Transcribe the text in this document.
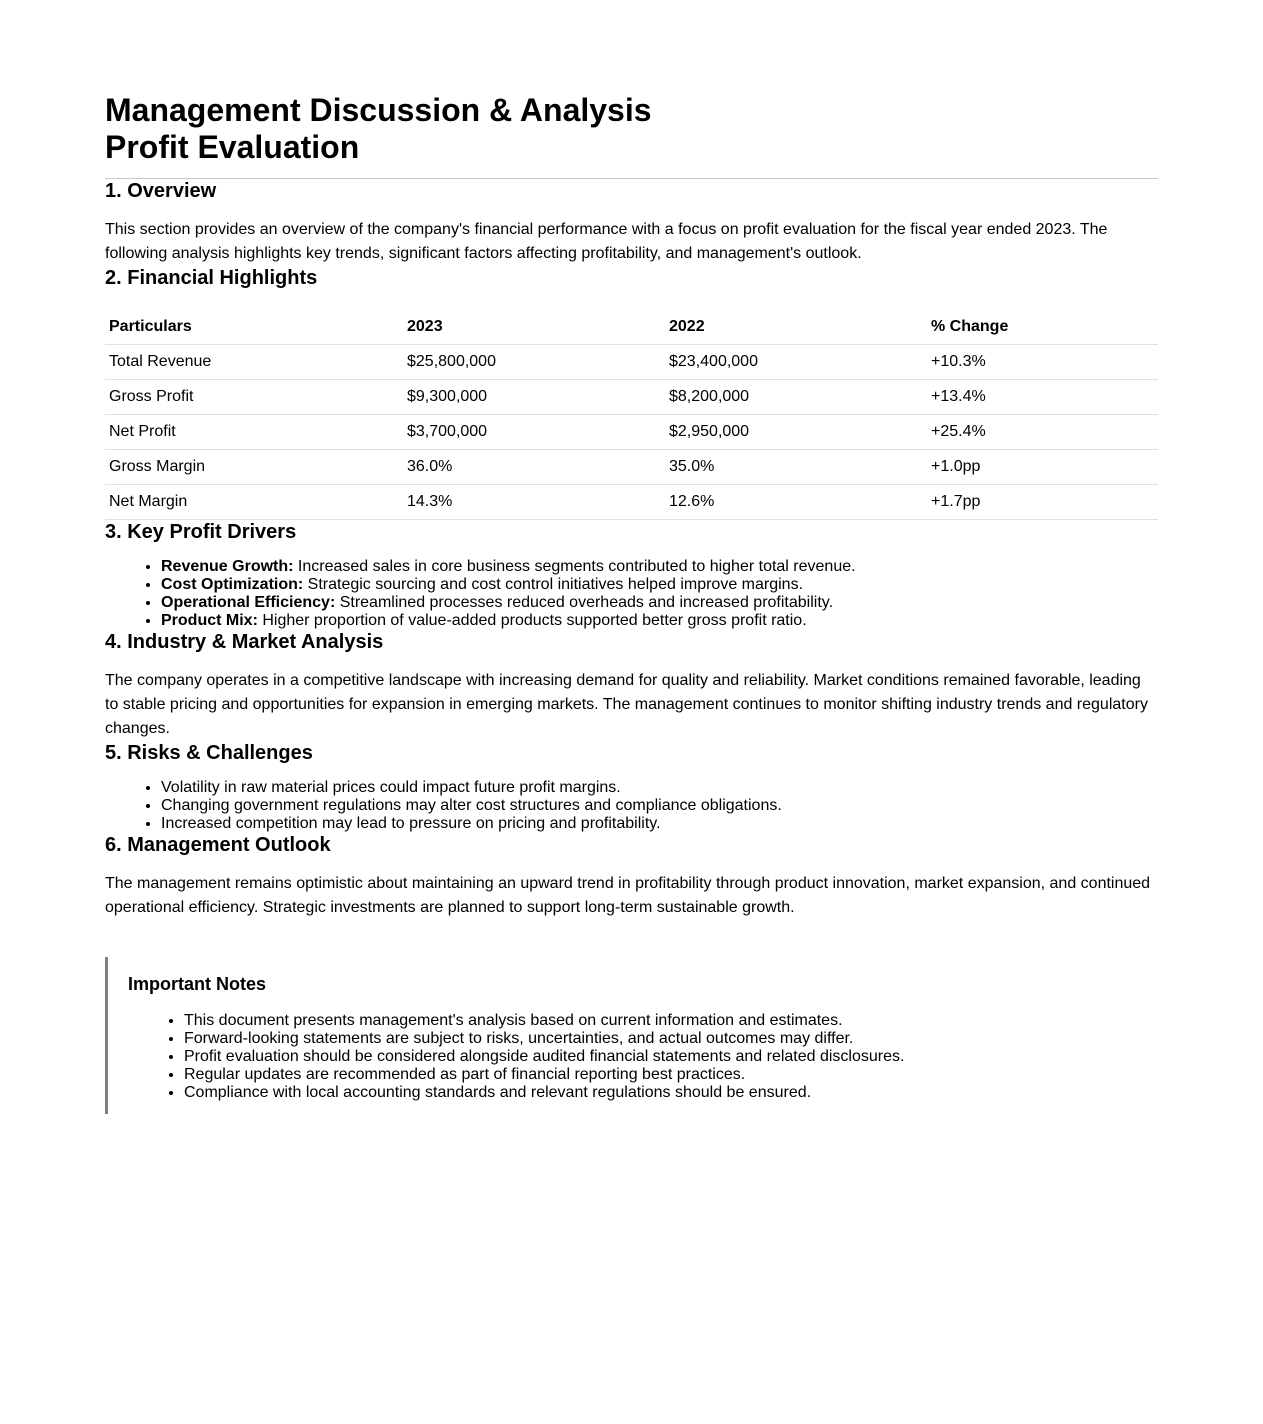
Management Discussion & Analysis
Profit Evaluation
1. Overview

This section provides an overview of the company's financial performance with a focus on profit evaluation for the fiscal year ended 2023. The following analysis highlights key trends, significant factors affecting profitability, and management's outlook.

2. Financial Highlights
Particulars	2023	2022	% Change
Total Revenue	$25,800,000	$23,400,000	+10.3%
Gross Profit	$9,300,000	$8,200,000	+13.4%
Net Profit	$3,700,000	$2,950,000	+25.4%
Gross Margin	36.0%	35.0%	+1.0pp
Net Margin	14.3%	12.6%	+1.7pp
3. Key Profit Drivers
• Revenue Growth: Increased sales in core business segments contributed to higher total revenue.
• Cost Optimization: Strategic sourcing and cost control initiatives helped improve margins.
• Operational Efficiency: Streamlined processes reduced overheads and increased profitability.
• Product Mix: Higher proportion of value-added products supported better gross profit ratio.
4. Industry & Market Analysis

The company operates in a competitive landscape with increasing demand for quality and reliability. Market conditions remained favorable, leading to stable pricing and opportunities for expansion in emerging markets. The management continues to monitor shifting industry trends and regulatory changes.

5. Risks & Challenges
• Volatility in raw material prices could impact future profit margins.
• Changing government regulations may alter cost structures and compliance obligations.
• Increased competition may lead to pressure on pricing and profitability.
6. Management Outlook

The management remains optimistic about maintaining an upward trend in profitability through product innovation, market expansion, and continued operational efficiency. Strategic investments are planned to support long-term sustainable growth.

Important Notes
• This document presents management's analysis based on current information and estimates.
• Forward-looking statements are subject to risks, uncertainties, and actual outcomes may differ.
• Profit evaluation should be considered alongside audited financial statements and related disclosures.
• Regular updates are recommended as part of financial reporting best practices.
• Compliance with local accounting standards and relevant regulations should be ensured.
